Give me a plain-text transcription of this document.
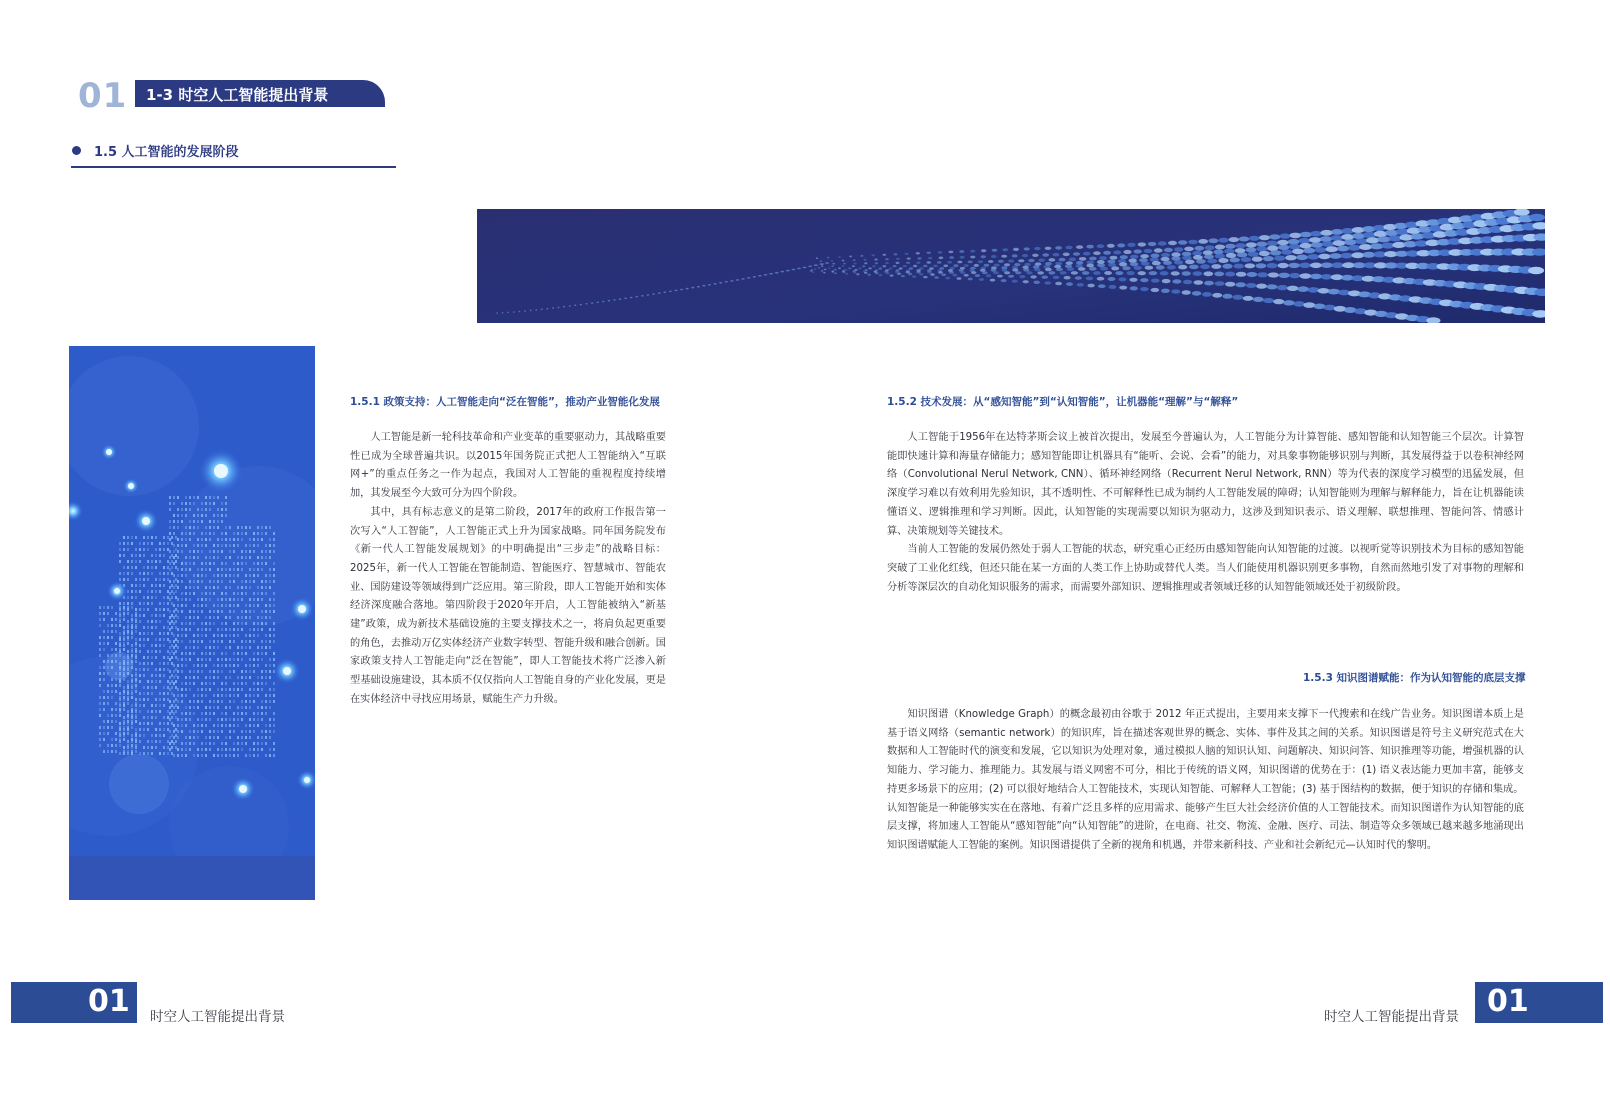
01 1-3 时空人工智能提出背景
1.5 人工智能的发展阶段
1.5.1 政策支持：人工智能走向“泛在智能”，推动产业智能化发展

人工智能是新一轮科技革命和产业变革的重要驱动力，其战略重要性已成为全球普遍共识。以2015年国务院正式把人工智能纳入“互联网+”的重点任务之一作为起点，我国对人工智能的重视程度持续增加，其发展至今大致可分为四个阶段。

其中，具有标志意义的是第二阶段，2017年的政府工作报告第一次写入“人工智能”，人工智能正式上升为国家战略。同年国务院发布《新一代人工智能发展规划》的中明确提出“三步走”的战略目标：2025年，新一代人工智能在智能制造、智能医疗、智慧城市、智能农业、国防建设等领域得到广泛应用。第三阶段，即人工智能开始和实体经济深度融合落地。第四阶段于2020年开启，人工智能被纳入“新基建”政策，成为新技术基础设施的主要支撑技术之一，将肩负起更重要的角色，去推动万亿实体经济产业数字转型、智能升级和融合创新。国家政策支持人工智能走向“泛在智能”，即人工智能技术将广泛渗入新型基础设施建设，其本质不仅仅指向人工智能自身的产业化发展，更是在实体经济中寻找应用场景，赋能生产力升级。

1.5.2 技术发展：从“感知智能”到“认知智能”，让机器能“理解”与“解释”

人工智能于1956年在达特茅斯会议上被首次提出，发展至今普遍认为，人工智能分为计算智能、感知智能和认知智能三个层次。计算智能即快速计算和海量存储能力；感知智能即让机器具有“能听、会说、会看”的能力，对具象事物能够识别与判断，其发展得益于以卷积神经网络（Convolutional Nerul Network, CNN）、循环神经网络（Recurrent Nerul Network, RNN）等为代表的深度学习模型的迅猛发展，但深度学习难以有效利用先验知识，其不透明性、不可解释性已成为制约人工智能发展的障碍；认知智能则为理解与解释能力，旨在让机器能读懂语义、逻辑推理和学习判断。因此，认知智能的实现需要以知识为驱动力，这涉及到知识表示、语义理解、联想推理、智能问答、情感计算、决策规划等关键技术。

当前人工智能的发展仍然处于弱人工智能的状态，研究重心正经历由感知智能向认知智能的过渡。以视听觉等识别技术为目标的感知智能突破了工业化红线，但还只能在某一方面的人类工作上协助或替代人类。当人们能使用机器识别更多事物，自然而然地引发了对事物的理解和分析等深层次的自动化知识服务的需求，而需要外部知识、逻辑推理或者领域迁移的认知智能领域还处于初级阶段。

1.5.3 知识图谱赋能：作为认知智能的底层支撑

知识图谱（Knowledge Graph）的概念最初由谷歌于 2012 年正式提出，主要用来支撑下一代搜索和在线广告业务。知识图谱本质上是基于语义网络（semantic network）的知识库，旨在描述客观世界的概念、实体、事件及其之间的关系。知识图谱是符号主义研究范式在大数据和人工智能时代的演变和发展，它以知识为处理对象，通过模拟人脑的知识认知、问题解决、知识问答、知识推理等功能，增强机器的认知能力、学习能力、推理能力。其发展与语义网密不可分，相比于传统的语义网，知识图谱的优势在于：(1) 语义表达能力更加丰富，能够支持更多场景下的应用；(2) 可以很好地结合人工智能技术，实现认知智能、可解释人工智能；(3) 基于图结构的数据，便于知识的存储和集成。

认知智能是一种能够实实在在落地、有着广泛且多样的应用需求、能够产生巨大社会经济价值的人工智能技术。而知识图谱作为认知智能的底层支撑，将加速人工智能从“感知智能”向“认知智能”的进阶，在电商、社交、物流、金融、医疗、司法、制造等众多领域已越来越多地涌现出知识图谱赋能人工智能的案例。知识图谱提供了全新的视角和机遇，并带来新科技、产业和社会新纪元—认知时代的黎明。

01 时空人工智能提出背景	时空人工智能提出背景 01
